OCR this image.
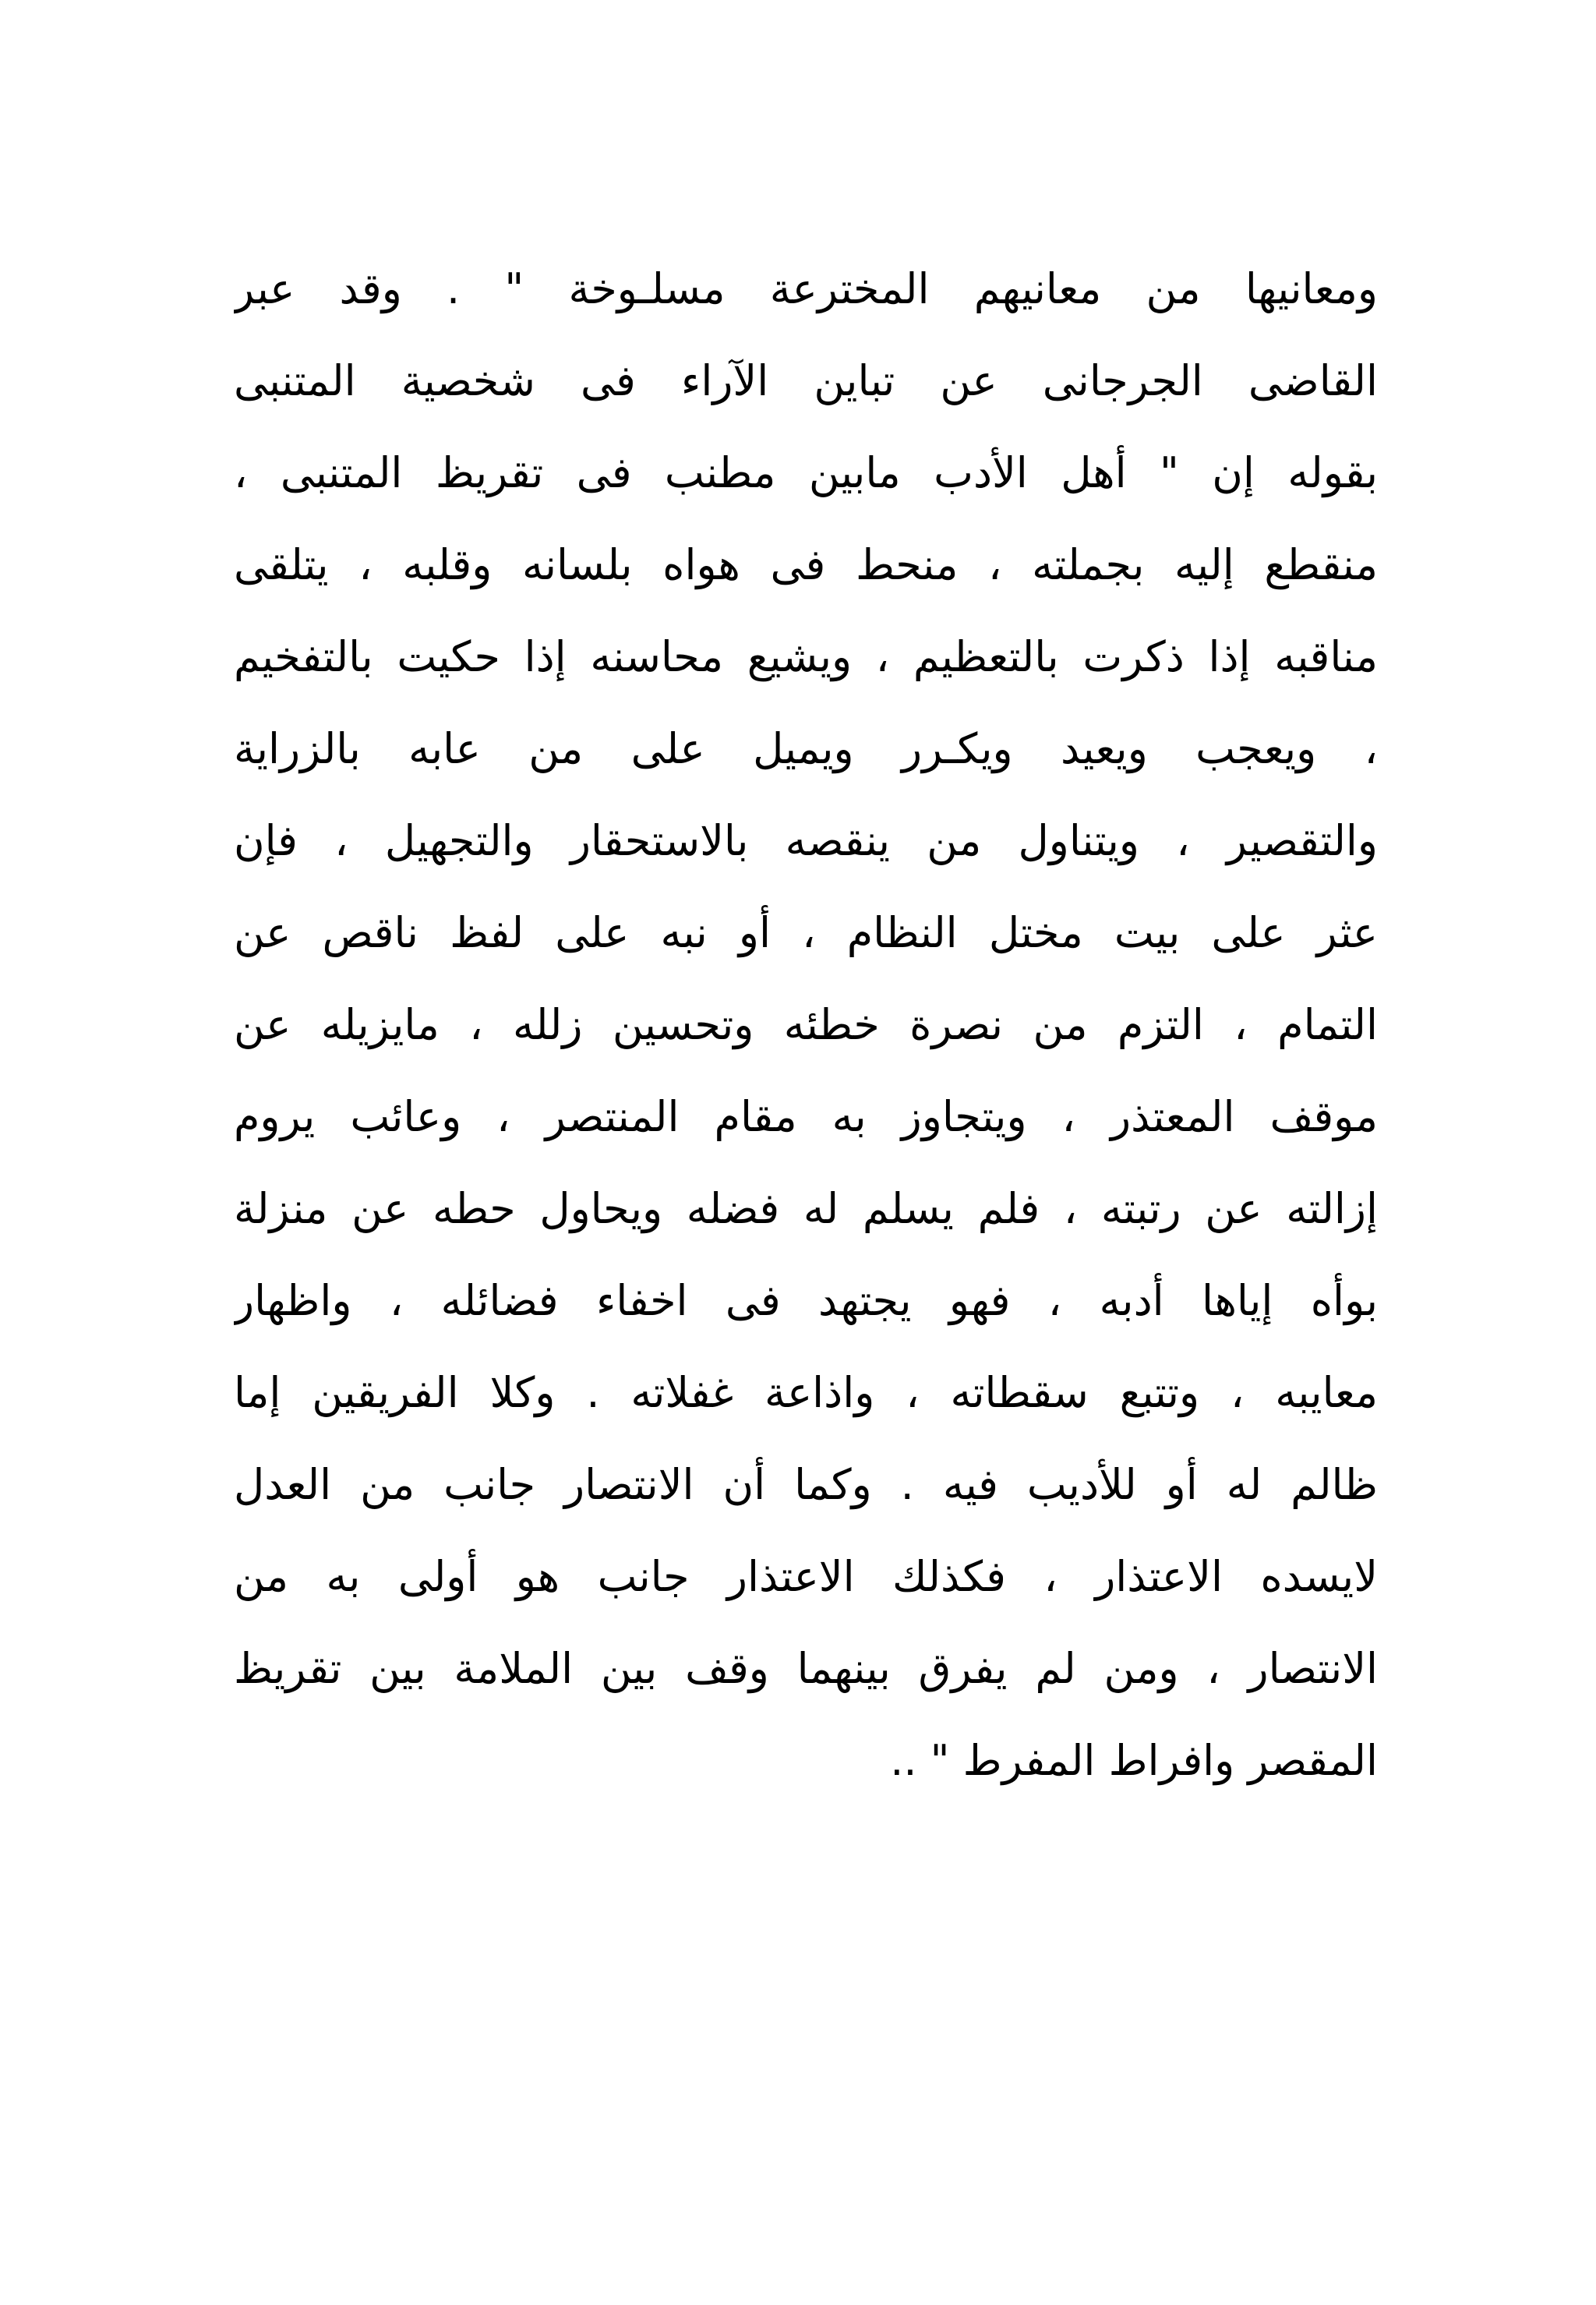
ومعانيها من معانيهم المخترعة مسلـوخة " . وقد عبر
القاضى الجرجانى عن تباين الآراء فى شخصية المتنبى
بقوله إن " أهل الأدب مابين مطنب فى تقريظ المتنبى ،
منقطع إليه بجملته ، منحط فى هواه بلسانه وقلبه ، يتلقى
مناقبه إذا ذكرت بالتعظيم ، ويشيع محاسنه إذا حكيت بالتفخيم
، ويعجب ويعيد ويكـرر ويميل على من عابه بالزراية
والتقصير ، ويتناول من ينقصه بالاستحقار والتجهيل ، فإن
عثر على بيت مختل النظام ، أو نبه على لفظ ناقص عن
التمام ، التزم من نصرة خطئه وتحسين زلله ، مايزيله عن
موقف المعتذر ، ويتجاوز به مقام المنتصر ، وعائب يروم
إزالته عن رتبته ، فلم يسلم له فضله ويحاول حطه عن منزلة
بوأه إياها أدبه ، فهو يجتهد فى اخفاء فضائله ، واظهار
معايبه ، وتتبع سقطاته ، واذاعة غفلاته . وكلا الفريقين إما
ظالم له أو للأديب فيه . وكما أن الانتصار جانب من العدل
لايسده الاعتذار ، فكذلك الاعتذار جانب هو أولى به من
الانتصار ، ومن لم يفرق بينهما وقف بين الملامة بين تقريظ
المقصر وافراط المفرط " ..
